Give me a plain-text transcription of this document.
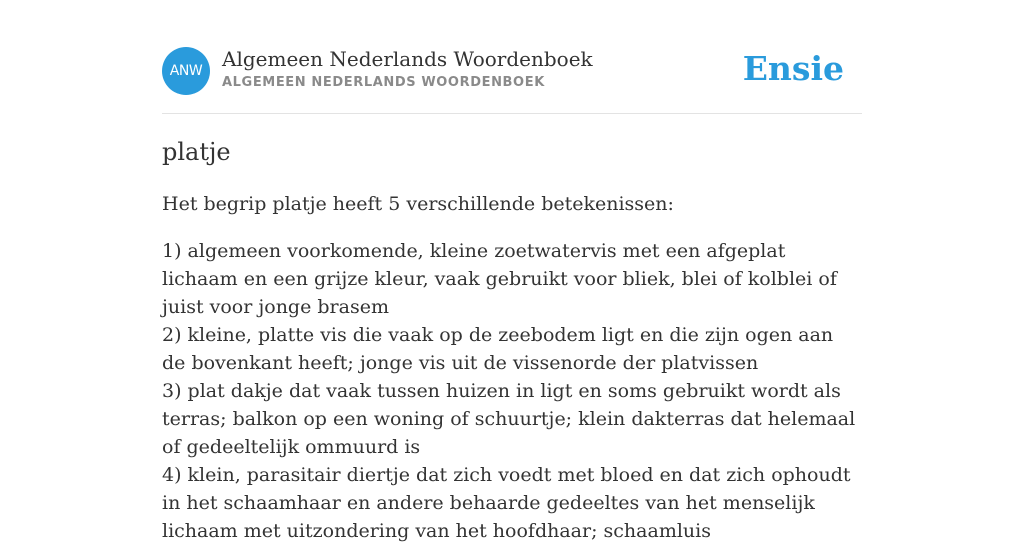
ANW Algemeen Nederlands Woordenboek
ALGEMEEN NEDERLANDS WOORDENBOEK	Ensie
platje

Het begrip platje heeft 5 verschillende betekenissen:

1) algemeen voorkomende, kleine zoetwatervis met een afgeplat lichaam en een grijze kleur, vaak gebruikt voor bliek, blei of kolblei of juist voor jonge brasem

2) kleine, platte vis die vaak op de zeebodem ligt en die zijn ogen aan de bovenkant heeft; jonge vis uit de vissenorde der platvissen

3) plat dakje dat vaak tussen huizen in ligt en soms gebruikt wordt als terras; balkon op een woning of schuurtje; klein dakterras dat helemaal of gedeeltelijk ommuurd is

4) klein, parasitair diertje dat zich voedt met bloed en dat zich ophoudt in het schaamhaar en andere behaarde gedeeltes van het menselijk lichaam met uitzondering van het hoofdhaar; schaamluis
